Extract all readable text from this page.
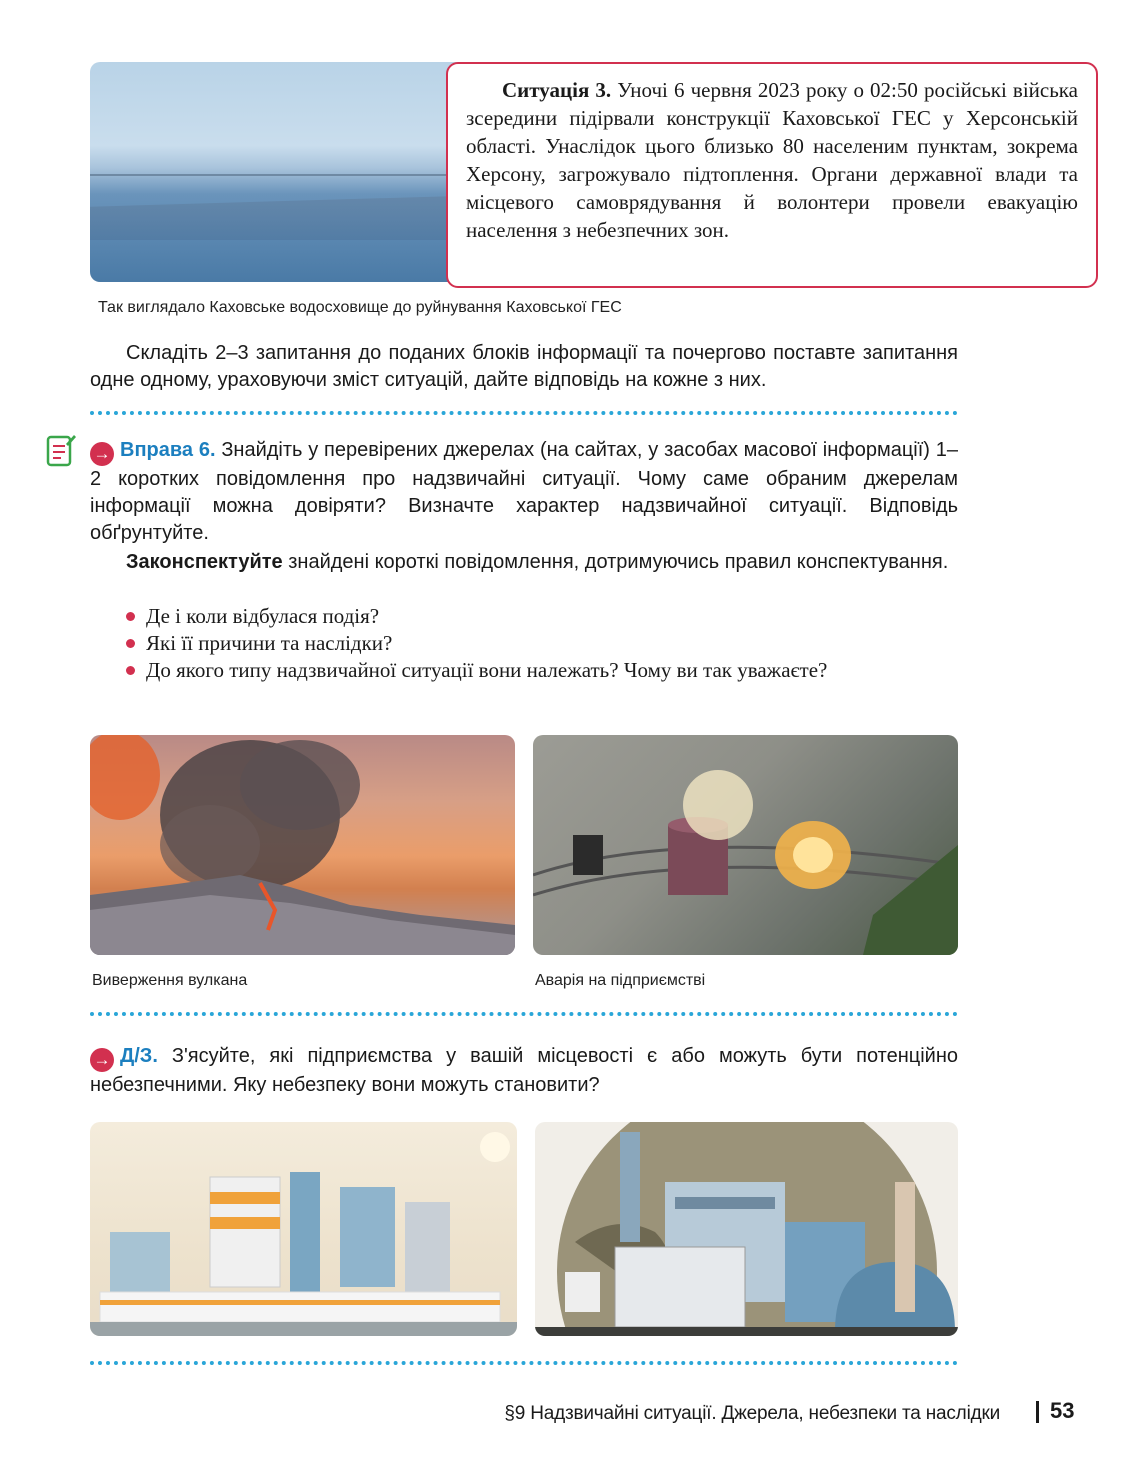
Ситуація 3. Уночі 6 червня 2023 року о 02:50 російські війська зсередини підірвали конструкції Каховської ГЕС у Херсонській області. Унаслідок цього близько 80 населеним пунктам, зокрема Херсону, загрожувало підтоплення. Органи державної влади та місцевого самоврядування й волонтери провели евакуацію населення з небезпечних зон.
Так виглядало Каховське водосховище до руйнування Каховської ГЕС
Складіть 2–3 запитання до поданих блоків інформації та почергово поставте запитання одне одному, ураховуючи зміст ситуацій, дайте відповідь на кожне з них.
→ Вправа 6. Знайдіть у перевірених джерелах (на сайтах, у засобах масової інформації) 1–2 коротких повідомлення про надзвичайні ситуації. Чому саме обраним джерелам інформації можна довіряти? Визначте характер надзвичайної ситуації. Відповідь обґрунтуйте.
Законспектуйте знайдені короткі повідомлення, дотримуючись правил конспектування.
Де і коли відбулася подія?
Які її причини та наслідки?
До якого типу надзвичайної ситуації вони належать? Чому ви так уважаєте?
Виверження вулкана	Аварія на підприємстві
→ Д/З. З'ясуйте, які підприємства у вашій місцевості є або можуть бути потенційно небезпечними. Яку небезпеку вони можуть становити?
§9 Надзвичайні ситуації. Джерела, небезпеки та наслідки 53
